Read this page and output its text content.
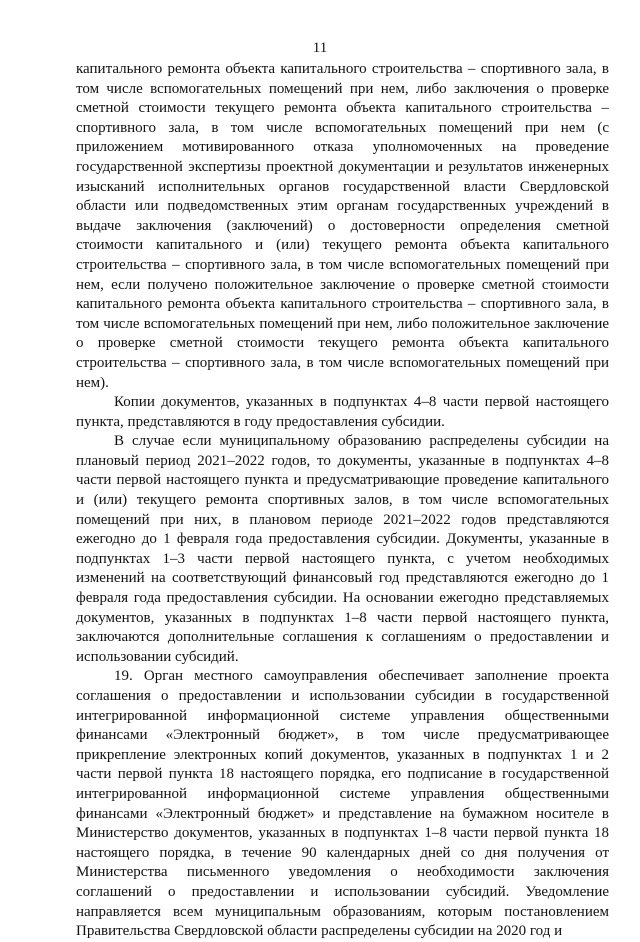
11

капитального ремонта объекта капитального строительства – спортивного зала, в том числе вспомогательных помещений при нем, либо заключения о проверке сметной стоимости текущего ремонта объекта капитального строительства – спортивного зала, в том числе вспомогательных помещений при нем (с приложением мотивированного отказа уполномоченных на проведение государственной экспертизы проектной документации и результатов инженерных изысканий исполнительных органов государственной власти Свердловской области или подведомственных этим органам государственных учреждений в выдаче заключения (заключений) о достоверности определения сметной стоимости капитального и (или) текущего ремонта объекта капитального строительства – спортивного зала, в том числе вспомогательных помещений при нем, если получено положительное заключение о проверке сметной стоимости капитального ремонта объекта капитального строительства – спортивного зала, в том числе вспомогательных помещений при нем, либо положительное заключение о проверке сметной стоимости текущего ремонта объекта капитального строительства – спортивного зала, в том числе вспомогательных помещений при нем).

Копии документов, указанных в подпунктах 4–8 части первой настоящего пункта, представляются в году предоставления субсидии.

В случае если муниципальному образованию распределены субсидии на плановый период 2021–2022 годов, то документы, указанные в подпунктах 4–8 части первой настоящего пункта и предусматривающие проведение капитального и (или) текущего ремонта спортивных залов, в том числе вспомогательных помещений при них, в плановом периоде 2021–2022 годов представляются ежегодно до 1 февраля года предоставления субсидии. Документы, указанные в подпунктах 1–3 части первой настоящего пункта, с учетом необходимых изменений на соответствующий финансовый год представляются ежегодно до 1 февраля года предоставления субсидии. На основании ежегодно представляемых документов, указанных в подпунктах 1–8 части первой настоящего пункта, заключаются дополнительные соглашения к соглашениям о предоставлении и использовании субсидий.

19. Орган местного самоуправления обеспечивает заполнение проекта соглашения о предоставлении и использовании субсидии в государственной интегрированной информационной системе управления общественными финансами «Электронный бюджет», в том числе предусматривающее прикрепление электронных копий документов, указанных в подпунктах 1 и 2 части первой пункта 18 настоящего порядка, его подписание в государственной интегрированной информационной системе управления общественными финансами «Электронный бюджет» и представление на бумажном носителе в Министерство документов, указанных в подпунктах 1–8 части первой пункта 18 настоящего порядка, в течение 90 календарных дней со дня получения от Министерства письменного уведомления о необходимости заключения соглашений о предоставлении и использовании субсидий. Уведомление направляется всем муниципальным образованиям, которым постановлением Правительства Свердловской области распределены субсидии на 2020 год и
